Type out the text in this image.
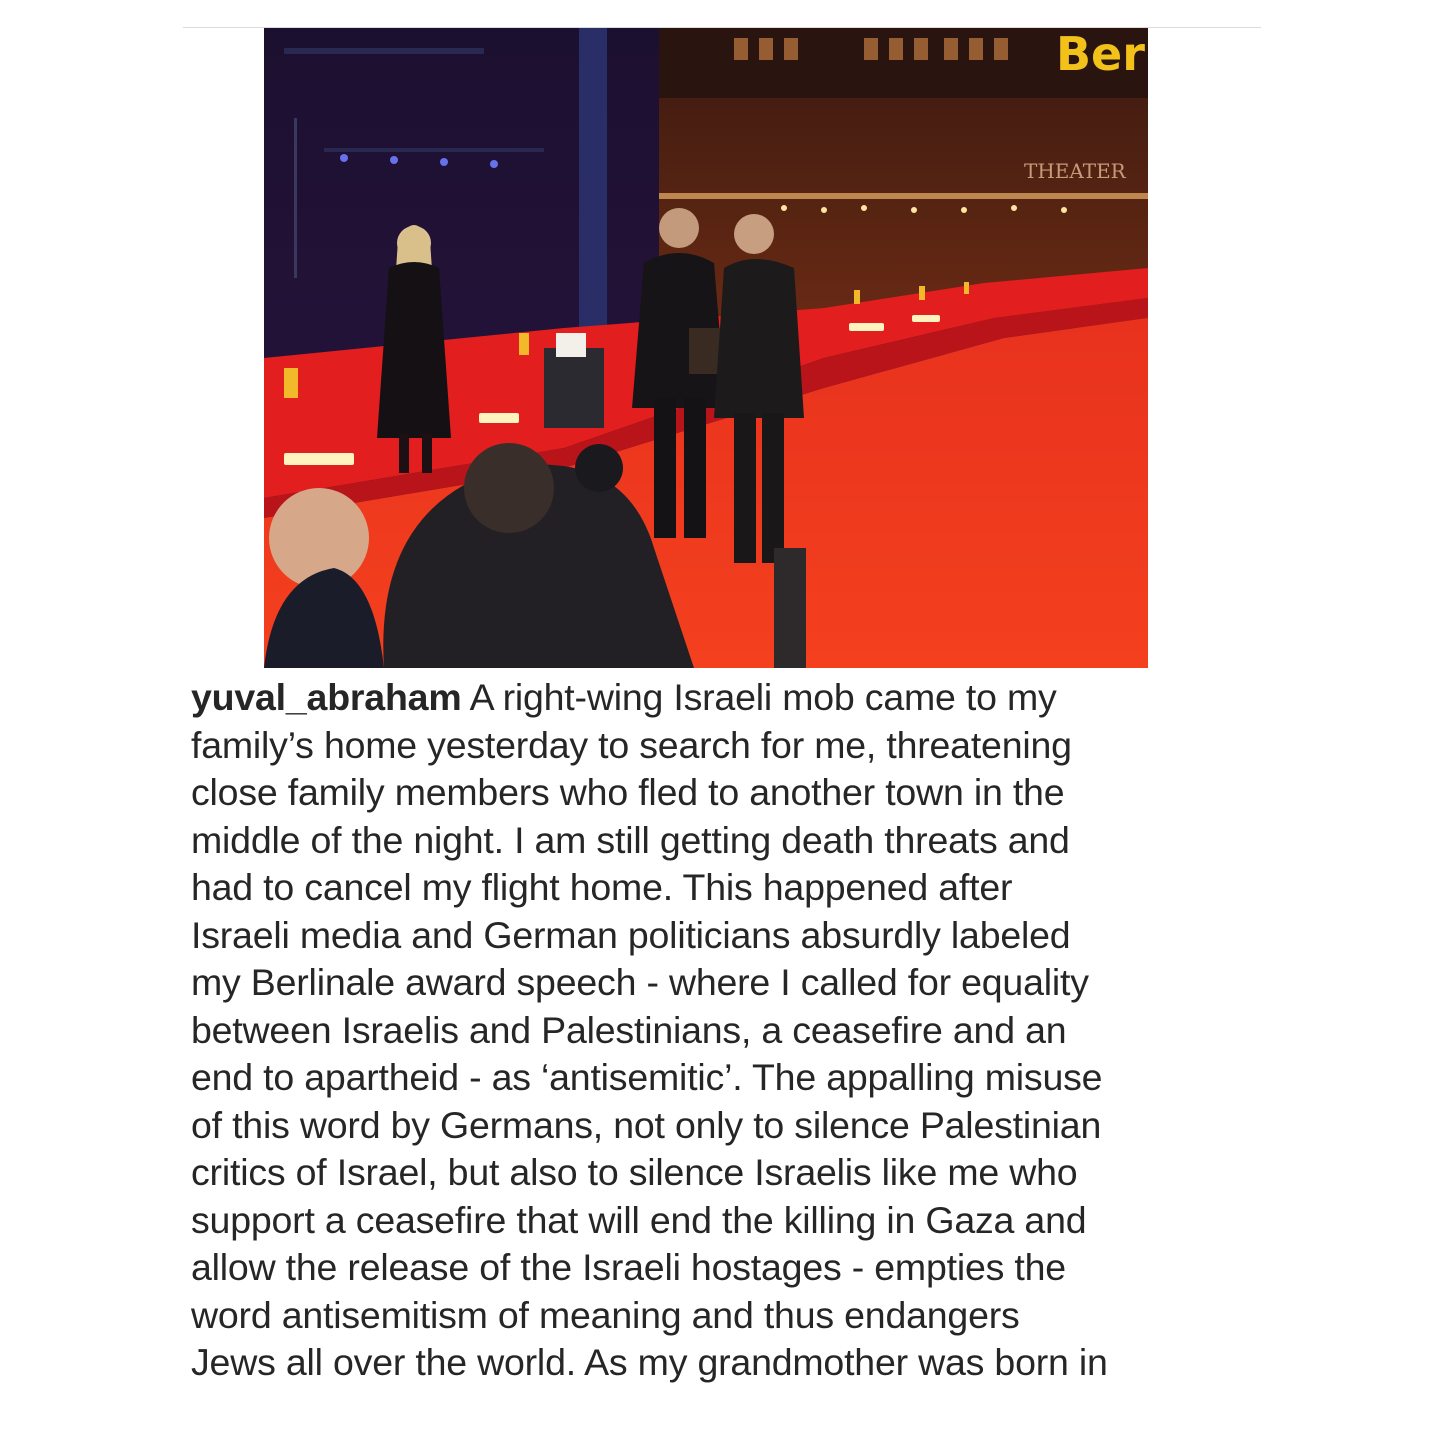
Ber
THEATER
yuval_abraham A right-wing Israeli mob came to my
family’s home yesterday to search for me, threatening
close family members who fled to another town in the
middle of the night. I am still getting death threats and
had to cancel my flight home. This happened after
Israeli media and German politicians absurdly labeled
my Berlinale award speech - where I called for equality
between Israelis and Palestinians, a ceasefire and an
end to apartheid - as ‘antisemitic’. The appalling misuse
of this word by Germans, not only to silence Palestinian
critics of Israel, but also to silence Israelis like me who
support a ceasefire that will end the killing in Gaza and
allow the release of the Israeli hostages - empties the
word antisemitism of meaning and thus endangers
Jews all over the world. As my grandmother was born in
